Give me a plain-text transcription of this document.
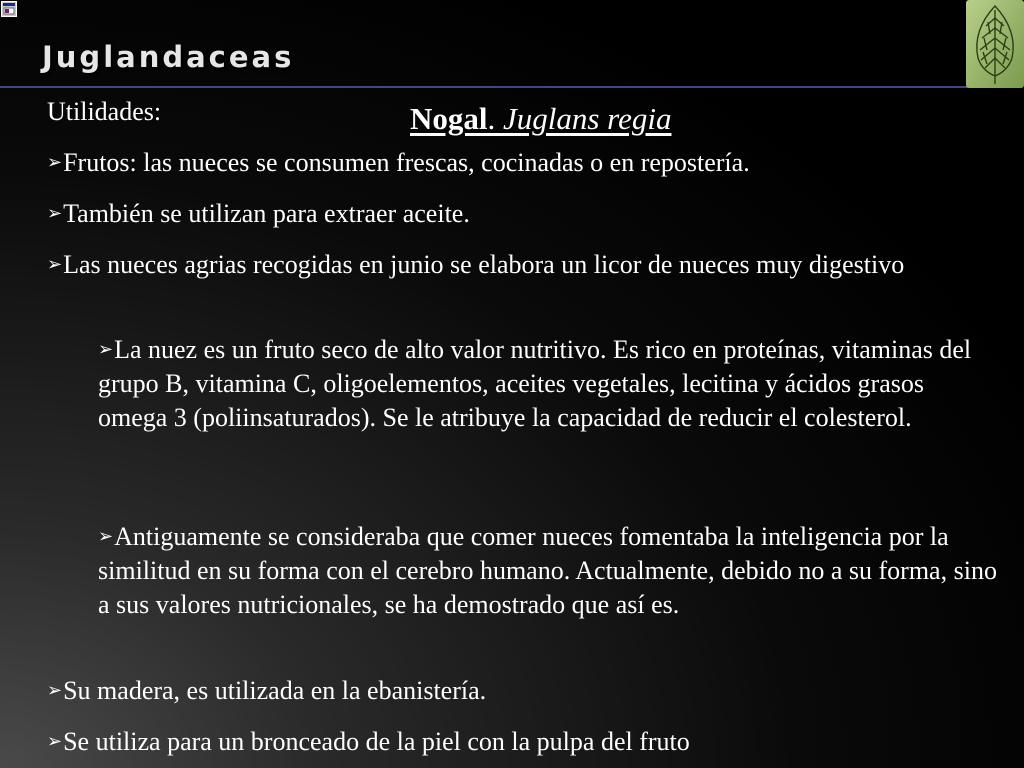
Juglandaceas
Utilidades:	Nogal. Juglans regia
➢Frutos: las nueces se consumen frescas, cocinadas o en repostería.
➢También se utilizan para extraer aceite.
➢Las nueces agrias recogidas en junio se elabora un licor de nueces muy digestivo
➢La nuez es un fruto seco de alto valor nutritivo. Es rico en proteínas, vitaminas del grupo B, vitamina C, oligoelementos, aceites vegetales, lecitina y ácidos grasos omega 3 (poliinsaturados). Se le atribuye la capacidad de reducir el colesterol.
➢Antiguamente se consideraba que comer nueces fomentaba la inteligencia por la similitud en su forma con el cerebro humano. Actualmente, debido no a su forma, sino a sus valores nutricionales, se ha demostrado que así es.
➢Su madera, es utilizada en la ebanistería.
➢Se utiliza para un bronceado de la piel con la pulpa del fruto
